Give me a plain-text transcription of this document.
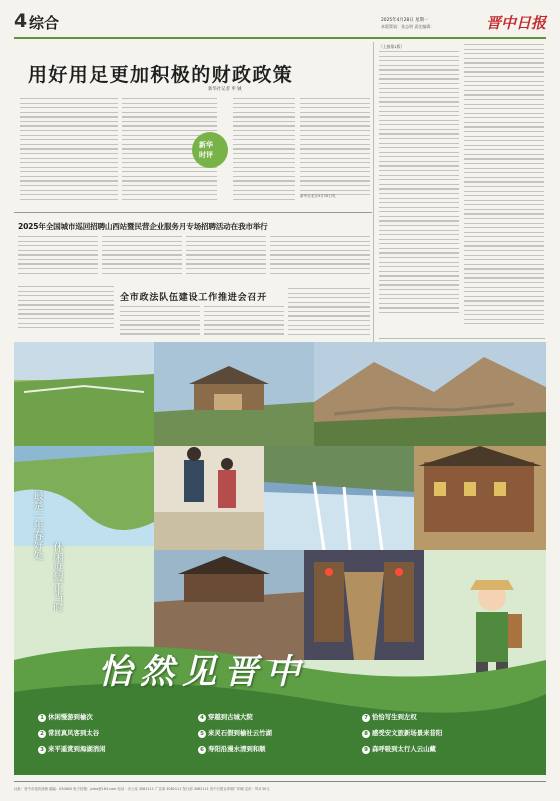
4 综合	2025年4月28日 星期一
本版策划：张志明 责任编辑：	晋中日报
用好用足更加积极的财政政策
新华社记者 申 铖
新华
时评
新华社北京4月28日电
（上接第1版）
2025年全国城市巡回招聘山西站暨民营企业服务月专场招聘活动在我市举行
全市政法队伍建设工作推进会召开
最是一年春好处
休闲度假正当时
怡然见晋中
1 休闲慢游到榆次
2 常回真风客到太谷
3 来平遥赏到海湖消闲
4 穿越到古城大院
5 来灵石假到榆社云竹湖
6 寿阳沿漫水清到和顺
7 恰恰写生到左权
8 感受安文旅新场景来昔阳
9 森呼吸到太行人云山藏
社址：晋中市迎宾西街 邮编：030600 电子信箱：jzrbs@163.com 电话：办公室 3082111 广告部 3082111 发行部 3082111 晋中日报社印刷厂印刷 定价：每月30元
